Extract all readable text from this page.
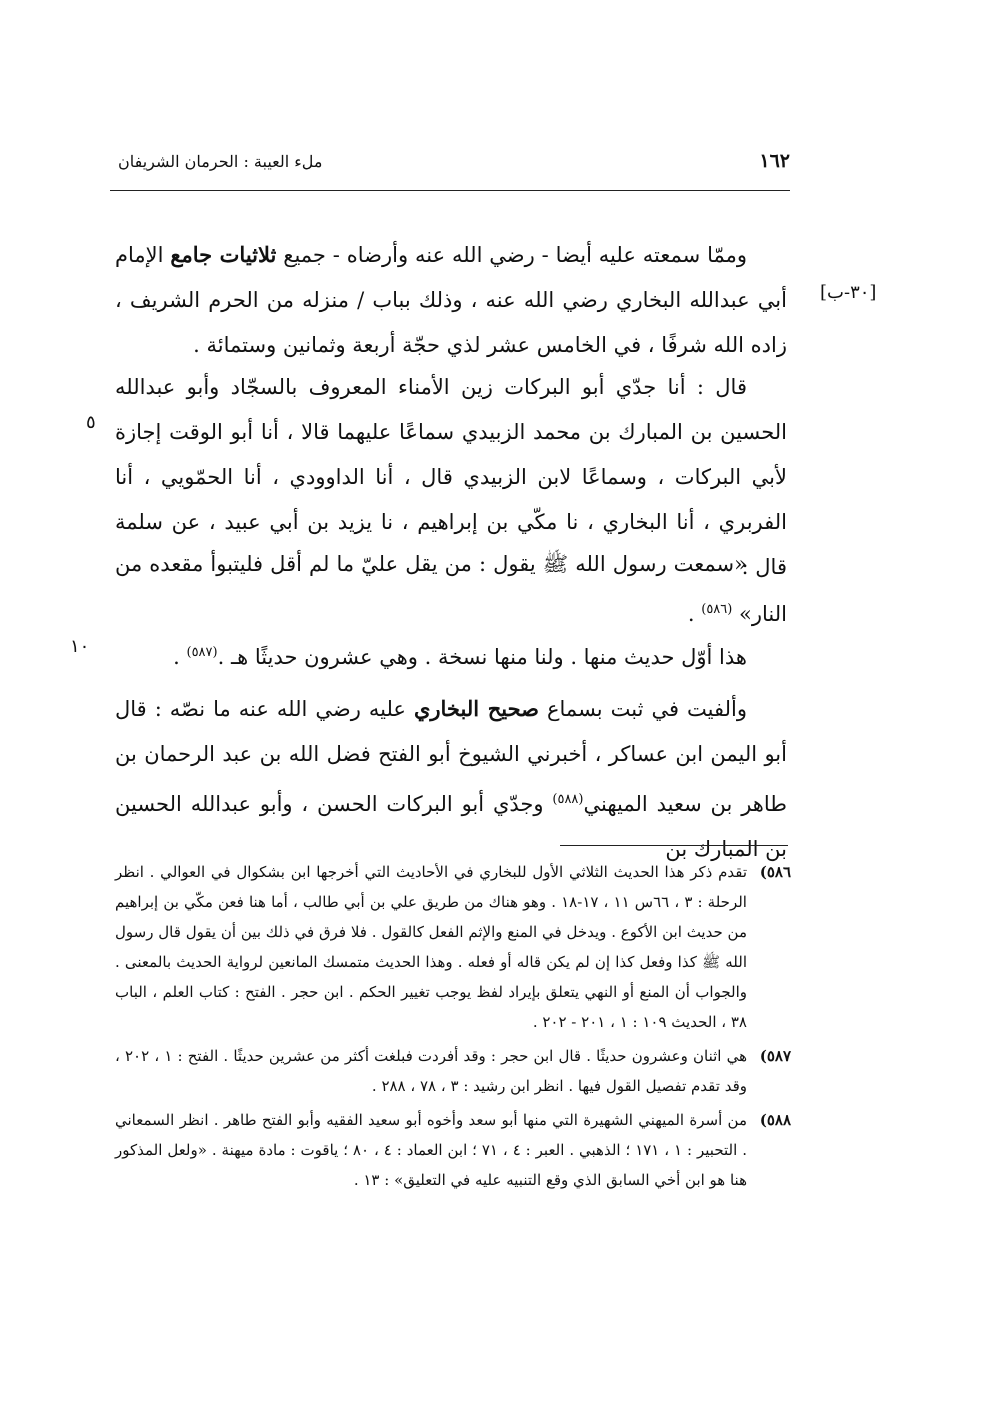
١٦٢
ملء العيبة : الحرمان الشريفان
[٣٠-ب]
٥
١٠

وممّا سمعته عليه أيضا - رضي الله عنه وأرضاه - جميع ثلاثيات جامع الإمام أبي عبدالله البخاري رضي الله عنه ، وذلك بباب / منزله من الحرم الشريف ، زاده الله شرفًا ، في الخامس عشر لذي حجّة أربعة وثمانين وستمائة .

قال : أنا جدّي أبو البركات زين الأمناء المعروف بالسجّاد وأبو عبدالله الحسين بن المبارك بن محمد الزبيدي سماعًا عليهما قالا ، أنا أبو الوقت إجازة لأبي البركات ، وسماعًا لابن الزبيدي قال ، أنا الداوودي ، أنا الحمّويي ، أنا الفربري ، أنا البخاري ، نا مكّي بن إبراهيم ، نا يزيد بن أبي عبيد ، عن سلمة قال :

«سمعت رسول الله ﷺ يقول : من يقل عليّ ما لم أقل فليتبوأ مقعده من النار» $^{(٥٨٦)}$ .

هذا أوّل حديث منها . ولنا منها نسخة . وهي عشرون حديثًا هـ .$^{(٥٨٧)}$ .

وألفيت في ثبت بسماع صحيح البخاري عليه رضي الله عنه ما نصّه : قال أبو اليمن ابن عساكر ، أخبرني الشيوخ أبو الفتح فضل الله بن عبد الرحمان بن طاهر بن سعيد الميهني$^{(٥٨٨)}$ وجدّي أبو البركات الحسن ، وأبو عبدالله الحسين بن المبارك بن

٥٨٦)
تقدم ذكر هذا الحديث الثلاثي الأول للبخاري في الأحاديث التي أخرجها ابن بشكوال في العوالي . انظر الرحلة : ٣ ، ٦٦س ١١ ، ١٧-١٨ . وهو هناك من طريق علي بن أبي طالب ، أما هنا فعن مكّي بن إبراهيم من حديث ابن الأكوع . ويدخل في المنع والإثم الفعل كالقول . فلا فرق في ذلك بين أن يقول قال رسول الله ﷺ كذا وفعل كذا إن لم يكن قاله أو فعله . وهذا الحديث متمسك المانعين لرواية الحديث بالمعنى . والجواب أن المنع أو النهي يتعلق بإيراد لفظ يوجب تغيير الحكم . ابن حجر . الفتح : كتاب العلم ، الباب ٣٨ ، الحديث ١٠٩ : ١ ، ٢٠١ - ٢٠٢ .
٥٨٧)
هي اثنان وعشرون حديثًا . قال ابن حجر : وقد أفردت فبلغت أكثر من عشرين حديثًا . الفتح : ١ ، ٢٠٢ ، وقد تقدم تفصيل القول فيها . انظر ابن رشيد : ٣ ، ٧٨ ، ٢٨٨ .
٥٨٨)
من أسرة الميهني الشهيرة التي منها أبو سعد وأخوه أبو سعيد الفقيه وأبو الفتح طاهر . انظر السمعاني . التحبير : ١ ، ١٧١ ؛ الذهبي . العبر : ٤ ، ٧١ ؛ ابن العماد : ٤ ، ٨٠ ؛ ياقوت : مادة ميهنة . «ولعل المذكور هنا هو ابن أخي السابق الذي وقع التنبيه عليه في التعليق» : ١٣ .
